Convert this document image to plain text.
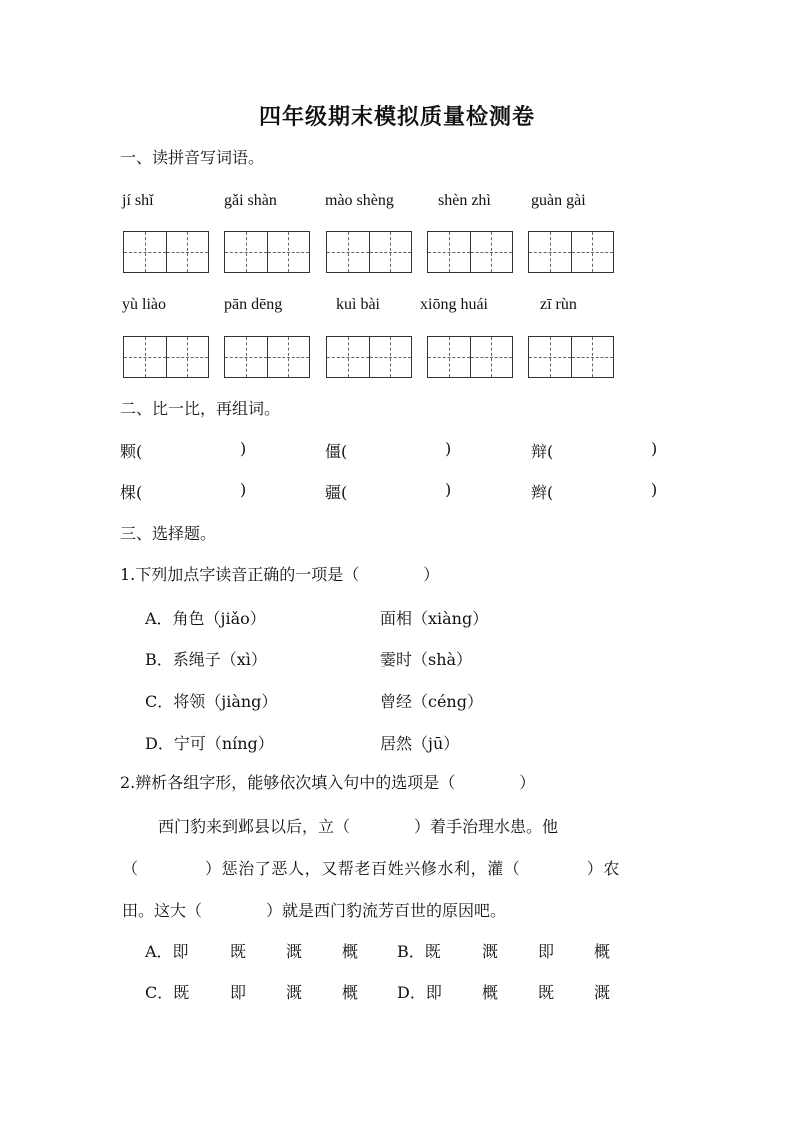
四年级期末模拟质量检测卷
一、读拼音写词语。
jí shǐ	gǎi shàn	mào shèng	shèn zhì	guàn gài
yù liào	pān dēng	kuì bài	xiōng huái	zī rùn
二、比一比，再组词。
颗(	)	僵(	)	辩(	)
棵(	)	疆(	)	辫(	)
三、选择题。
1.下列加点字读音正确的一项是（　　　　）
A．角色（jiǎo）	面相（xiàng）
B．系绳子（xì）	霎时（shà）
C．将领（jiàng）	曾经（céng）
D．宁可（níng）	居然（jū）
2.辨析各组字形，能够依次填入句中的选项是（　　　　）
西门豹来到邺县以后，立（　　　　）着手治理水患。他
（　　　　）惩治了恶人，又帮老百姓兴修水利，灌（　　　　）农
田。这大（　　　　）就是西门豹流芳百世的原因吧。
A．即	既 溉 概 B．既	溉 即 概
C．既	即 溉 概 D．即	概 既 溉
